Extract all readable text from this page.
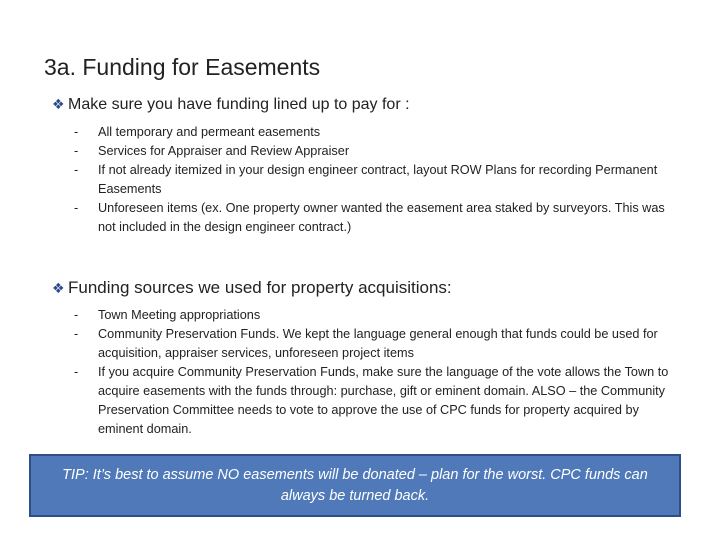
3a. Funding for Easements
❖ Make sure you have funding lined up to pay for :
- All temporary and permeant easements
- Services for Appraiser and Review Appraiser
- If not already itemized in your design engineer contract, layout ROW Plans for recording Permanent Easements
- Unforeseen items (ex. One property owner wanted the easement area staked by surveyors. This was not included in the design engineer contract.)
❖ Funding sources we used for property acquisitions:
- Town Meeting appropriations
- Community Preservation Funds. We kept the language general enough that funds could be used for acquisition, appraiser services, unforeseen project items
- If you acquire Community Preservation Funds, make sure the language of the vote allows the Town to acquire easements with the funds through: purchase, gift or eminent domain. ALSO – the Community Preservation Committee needs to vote to approve the use of CPC funds for property acquired by eminent domain.
TIP: It’s best to assume NO easements will be donated – plan for the worst. CPC funds can always be turned back.
